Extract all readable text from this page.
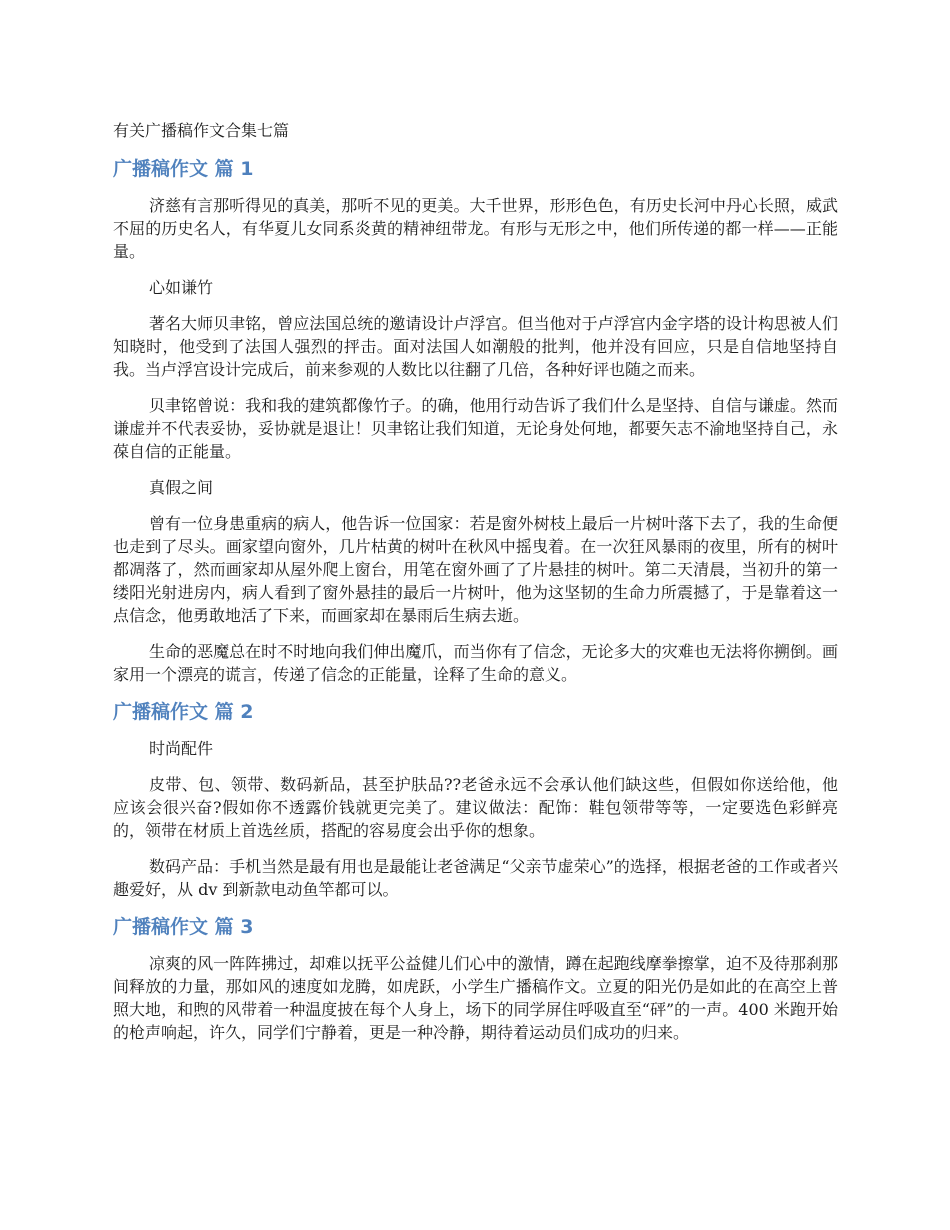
有关广播稿作文合集七篇
广播稿作文 篇 1

济慈有言那听得见的真美，那听不见的更美。大千世界，形形色色，有历史长河中丹心长照，威武不屈的历史名人，有华夏儿女同系炎黄的精神纽带龙。有形与无形之中，他们所传递的都一样——正能量。

心如谦竹

著名大师贝聿铭，曾应法国总统的邀请设计卢浮宫。但当他对于卢浮宫内金字塔的设计构思被人们知晓时，他受到了法国人强烈的抨击。面对法国人如潮般的批判，他并没有回应，只是自信地坚持自我。当卢浮宫设计完成后，前来参观的人数比以往翻了几倍，各种好评也随之而来。

贝聿铭曾说：我和我的建筑都像竹子。的确，他用行动告诉了我们什么是坚持、自信与谦虚。然而谦虚并不代表妥协，妥协就是退让！贝聿铭让我们知道，无论身处何地，都要矢志不渝地坚持自己，永葆自信的正能量。

真假之间

曾有一位身患重病的病人，他告诉一位国家：若是窗外树枝上最后一片树叶落下去了，我的生命便也走到了尽头。画家望向窗外，几片枯黄的树叶在秋风中摇曳着。在一次狂风暴雨的夜里，所有的树叶都凋落了，然而画家却从屋外爬上窗台，用笔在窗外画了了片悬挂的树叶。第二天清晨，当初升的第一缕阳光射进房内，病人看到了窗外悬挂的最后一片树叶，他为这坚韧的生命力所震撼了，于是靠着这一点信念，他勇敢地活了下来，而画家却在暴雨后生病去逝。

生命的恶魔总在时不时地向我们伸出魔爪，而当你有了信念，无论多大的灾难也无法将你搠倒。画家用一个漂亮的谎言，传递了信念的正能量，诠释了生命的意义。

广播稿作文 篇 2

时尚配件

皮带、包、领带、数码新品，甚至护肤品??老爸永远不会承认他们缺这些，但假如你送给他，他应该会很兴奋?假如你不透露价钱就更完美了。建议做法：配饰：鞋包领带等等，一定要选色彩鲜亮的，领带在材质上首选丝质，搭配的容易度会出乎你的想象。

数码产品：手机当然是最有用也是最能让老爸满足“父亲节虚荣心”的选择，根据老爸的工作或者兴趣爱好，从 dv 到新款电动鱼竿都可以。

广播稿作文 篇 3

凉爽的风一阵阵拂过，却难以抚平公益健儿们心中的激情，蹲在起跑线摩拳擦掌，迫不及待那刹那间释放的力量，那如风的速度如龙腾，如虎跃，小学生广播稿作文。立夏的阳光仍是如此的在高空上普照大地，和煦的风带着一种温度披在每个人身上，场下的同学屏住呼吸直至“砰”的一声。400 米跑开始的枪声响起，许久，同学们宁静着，更是一种冷静，期待着运动员们成功的归来。
